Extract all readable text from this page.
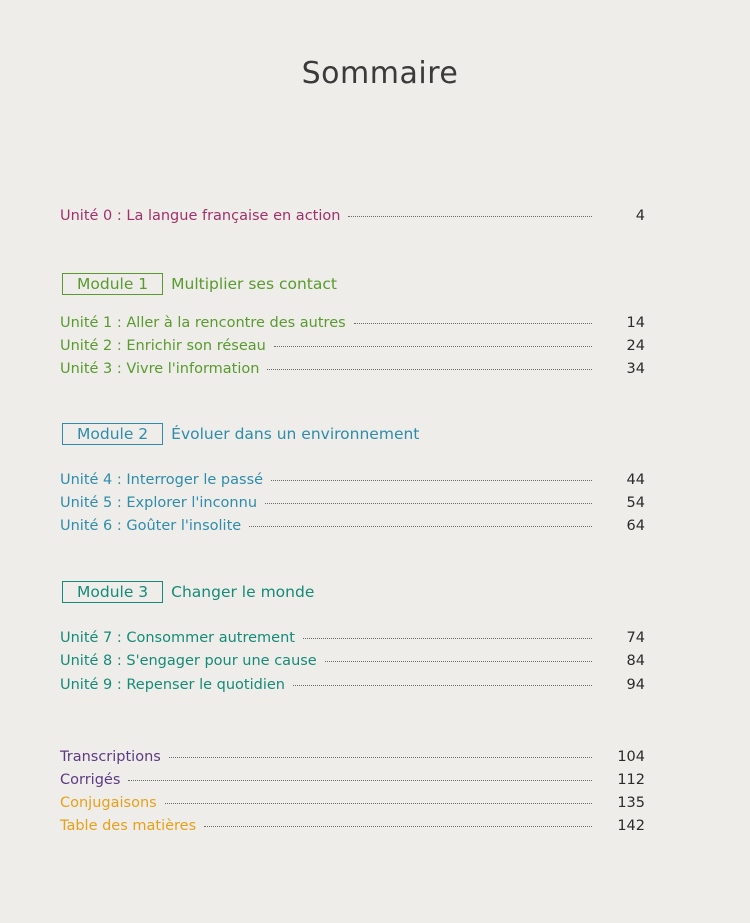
Sommaire
Unité 0 : La langue française en action	4
Module 1	Multiplier ses contact
Unité 1 : Aller à la rencontre des autres	14
Unité 2 : Enrichir son réseau	24
Unité 3 : Vivre l'information	34
Module 2	Évoluer dans un environnement
Unité 4 : Interroger le passé	44
Unité 5 : Explorer l'inconnu	54
Unité 6 : Goûter l'insolite	64
Module 3	Changer le monde
Unité 7 : Consommer autrement	74
Unité 8 : S'engager pour une cause	84
Unité 9 : Repenser le quotidien	94
Transcriptions	104
Corrigés	112
Conjugaisons	135
Table des matières	142
